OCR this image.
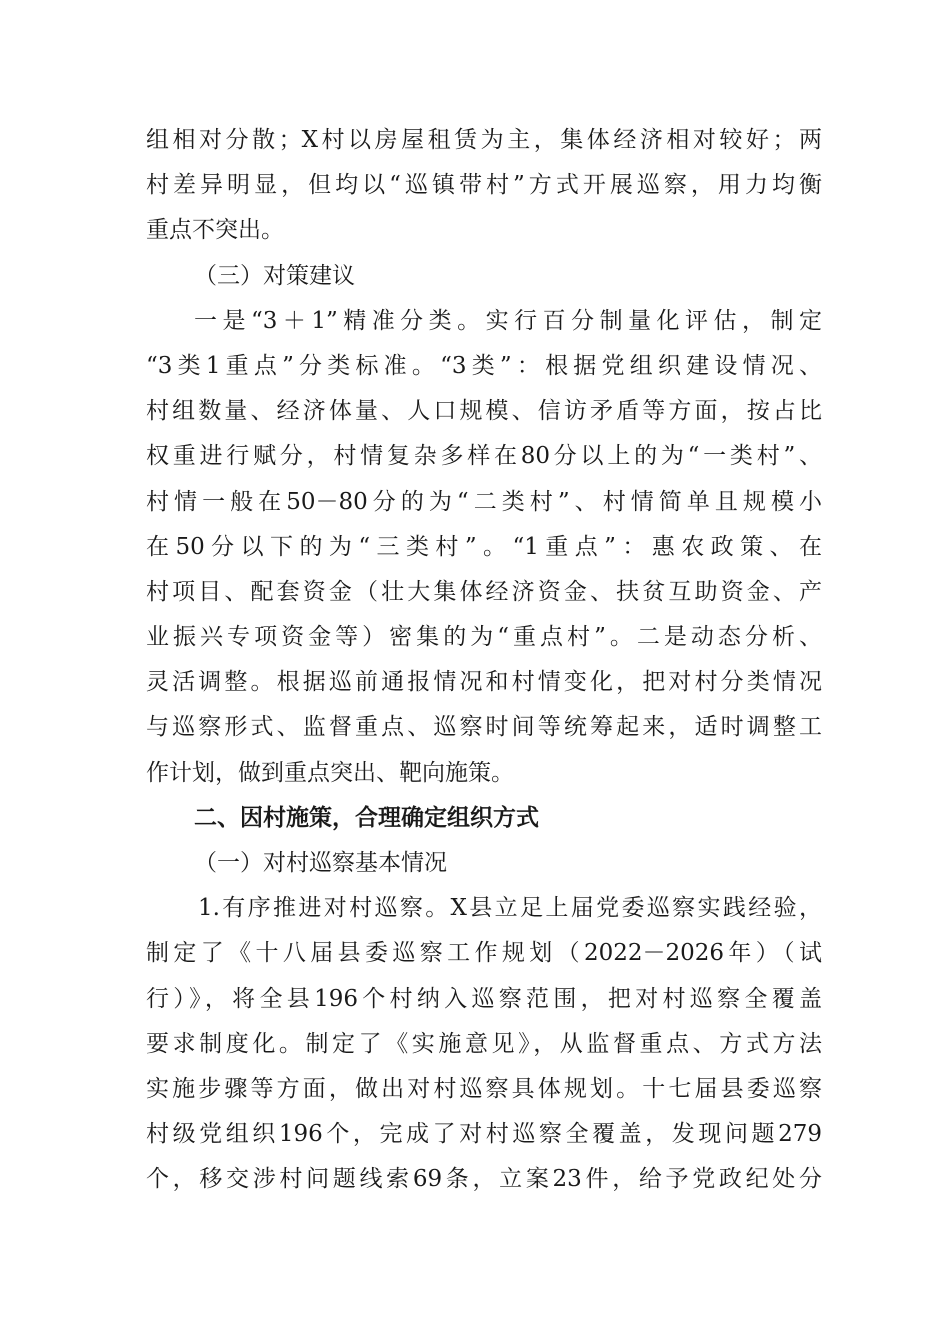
组相对分散；X村以房屋租赁为主，集体经济相对较好；两
村差异明显，但均以“巡镇带村”方式开展巡察，用力均衡
重点不突出。
（三）对策建议
一是“3＋1”精准分类。实行百分制量化评估，制定
“3类1重点”分类标准。“3类”：根据党组织建设情况、
村组数量、经济体量、人口规模、信访矛盾等方面，按占比
权重进行赋分，村情复杂多样在80分以上的为“一类村”、
村情一般在50－80分的为“二类村”、村情简单且规模小
在50分以下的为“三类村”。“1重点”：惠农政策、在
村项目、配套资金（壮大集体经济资金、扶贫互助资金、产
业振兴专项资金等）密集的为“重点村”。二是动态分析、
灵活调整。根据巡前通报情况和村情变化，把对村分类情况
与巡察形式、监督重点、巡察时间等统筹起来，适时调整工
作计划，做到重点突出、靶向施策。
二、因村施策，合理确定组织方式
（一）对村巡察基本情况
1.有序推进对村巡察。X县立足上届党委巡察实践经验，
制定了《十八届县委巡察工作规划（2022－2026年）（试
行）》，将全县196个村纳入巡察范围，把对村巡察全覆盖
要求制度化。制定了《实施意见》，从监督重点、方式方法
实施步骤等方面，做出对村巡察具体规划。十七届县委巡察
村级党组织196个，完成了对村巡察全覆盖，发现问题279
个，移交涉村问题线索69条，立案23件，给予党政纪处分
